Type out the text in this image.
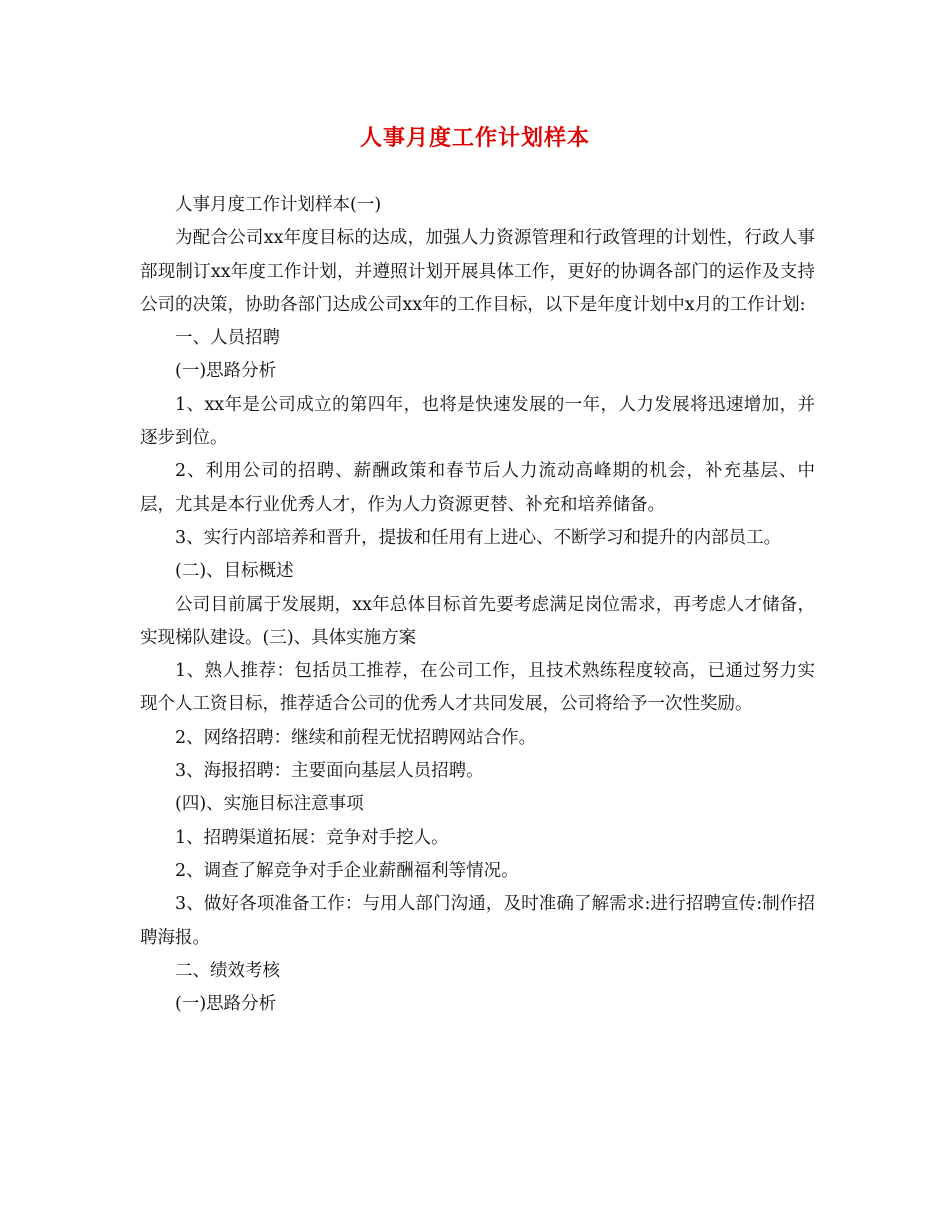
人事月度工作计划样本

人事月度工作计划样本(一)

为配合公司xx年度目标的达成，加强人力资源管理和行政管理的计划性，行政人事部现制订xx年度工作计划，并遵照计划开展具体工作，更好的协调各部门的运作及支持公司的决策，协助各部门达成公司xx年的工作目标，以下是年度计划中x月的工作计划:

一、人员招聘

(一)思路分析

1、xx年是公司成立的第四年，也将是快速发展的一年，人力发展将迅速增加，并逐步到位。

2、利用公司的招聘、薪酬政策和春节后人力流动高峰期的机会，补充基层、中层，尤其是本行业优秀人才，作为人力资源更替、补充和培养储备。

3、实行内部培养和晋升，提拔和任用有上进心、不断学习和提升的内部员工。

(二)、目标概述

公司目前属于发展期，xx年总体目标首先要考虑满足岗位需求，再考虑人才储备，实现梯队建设。(三)、具体实施方案

1、熟人推荐：包括员工推荐，在公司工作，且技术熟练程度较高，已通过努力实现个人工资目标，推荐适合公司的优秀人才共同发展，公司将给予一次性奖励。

2、网络招聘：继续和前程无忧招聘网站合作。

3、海报招聘：主要面向基层人员招聘。

(四)、实施目标注意事项

1、招聘渠道拓展：竞争对手挖人。

2、调查了解竞争对手企业薪酬福利等情况。

3、做好各项准备工作：与用人部门沟通，及时准确了解需求:进行招聘宣传:制作招聘海报。

二、绩效考核

(一)思路分析
